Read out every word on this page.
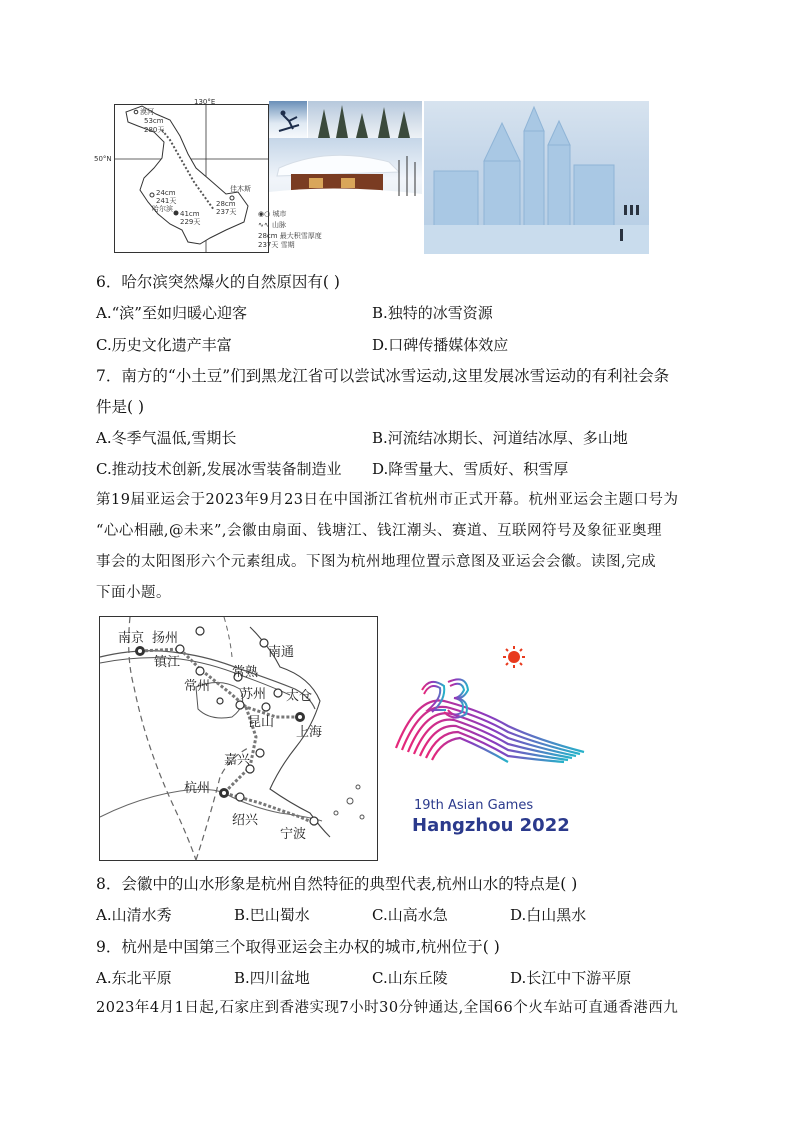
130°E
50°N
漠河
53cm
280天
24cm
241天
哈尔滨
41cm
229天
佳木斯
28cm
237天	◉○ 城市
∿∿ 山脉
28cm 最大积雪厚度
237天 雪期
6．哈尔滨突然爆火的自然原因有( )
A.“滨”至如归暖心迎客	B.独特的冰雪资源
C.历史文化遗产丰富	D.口碑传播媒体效应
7．南方的“小土豆”们到黑龙江省可以尝试冰雪运动,这里发展冰雪运动的有利社会条
件是( )
A.冬季气温低,雪期长	B.河流结冰期长、河道结冰厚、多山地
C.推动技术创新,发展冰雪装备制造业 D.降雪量大、雪质好、积雪厚
第19届亚运会于2023年9月23日在中国浙江省杭州市正式开幕。杭州亚运会主题口号为
“心心相融,@未来”,会徽由扇面、钱塘江、钱江潮头、赛道、互联网符号及象征亚奥理
事会的太阳图形六个元素组成。下图为杭州地理位置示意图及亚运会会徽。读图,完成
下面小题。
南京 扬州
镇江
南通
常熟
常州
苏州 太仓
昆山
上海
嘉兴
杭州
绍兴
宁波
19th Asian Games
Hangzhou 2022
8．会徽中的山水形象是杭州自然特征的典型代表,杭州山水的特点是( )
A.山清水秀	B.巴山蜀水	C.山高水急	D.白山黑水
9．杭州是中国第三个取得亚运会主办权的城市,杭州位于( )
A.东北平原	B.四川盆地	C.山东丘陵	D.长江中下游平原
2023年4月1日起,石家庄到香港实现7小时30分钟通达,全国66个火车站可直通香港西九
